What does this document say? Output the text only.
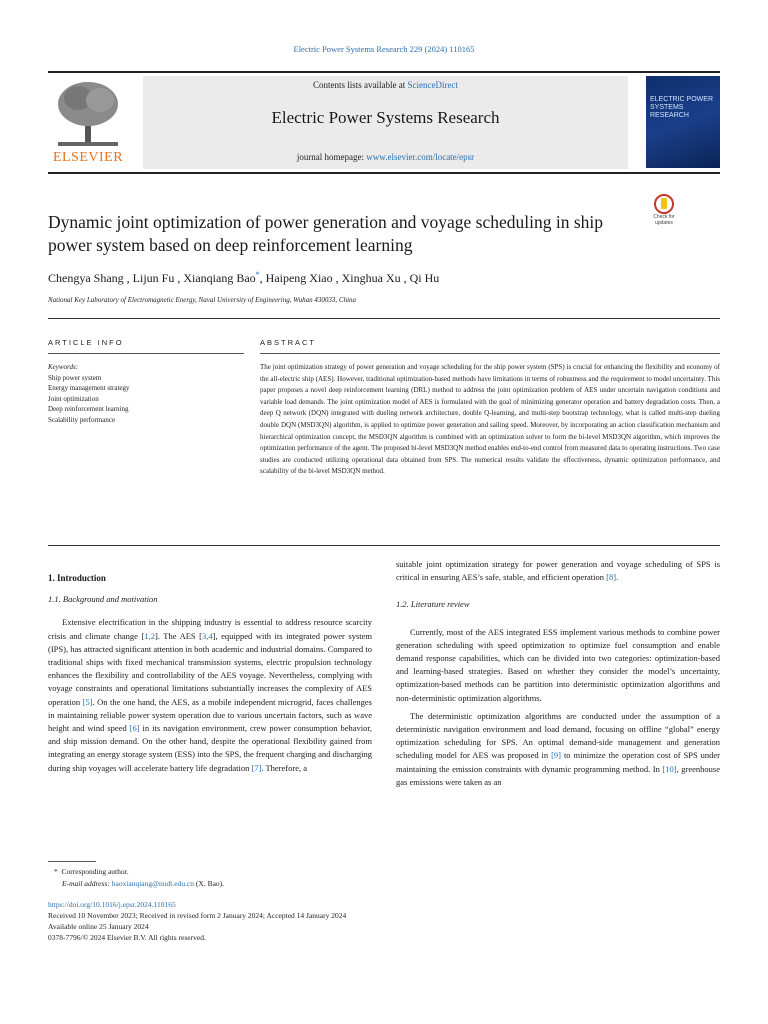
Electric Power Systems Research 229 (2024) 110165
ELSEVIER
Contents lists available at ScienceDirect
Electric Power Systems Research
journal homepage: www.elsevier.com/locate/epsr
ELECTRIC POWER SYSTEMS RESEARCH
Check for updates
Dynamic joint optimization of power generation and voyage scheduling in ship power system based on deep reinforcement learning
Chengya Shang , Lijun Fu , Xianqiang Bao*, Haipeng Xiao , Xinghua Xu , Qi Hu
National Key Laboratory of Electromagnetic Energy, Naval University of Engineering, Wuhan 430033, China
ARTICLE INFO	ABSTRACT
Keywords:
Ship power system
Energy management strategy
Joint optimization
Deep reinforcement learning
Scalability performance
The joint optimization strategy of power generation and voyage scheduling for the ship power system (SPS) is crucial for enhancing the flexibility and economy of the all-electric ship (AES). However, traditional optimization-based methods have limitations in terms of robustness and the requirement to model uncertainty. This paper proposes a novel deep reinforcement learning (DRL) method to address the joint optimization problem of AES under uncertain navigation conditions and variable load demands. The joint optimization model of AES is formulated with the goal of minimizing generator operation and battery degradation costs. Then, a deep Q network (DQN) integrated with dueling network architecture, double Q-learning, and multi-step bootstrap technology, what is called multi-step dueling double DQN (MSD3QN) algorithm, is applied to optimize power generation and sailing speed. Moreover, by incorporating an action classification mechanism and hierarchical optimization concept, the MSD3QN algorithm is combined with an optimization solver to form the bi-level MSD3QN algorithm, which improves the optimization performance of the agent. The proposed bi-level MSD3QN method enables end-to-end control from measured data to operating instructions. Two case studies are conducted utilizing operational data obtained from SPS. The numerical results validate the effectiveness, dynamic optimization performance, and scalability of the bi-level MSD3QN method.
1. Introduction
1.1. Background and motivation

Extensive electrification in the shipping industry is essential to address resource scarcity crisis and climate change [1,2]. The AES [3,4], equipped with its integrated power system (IPS), has attracted significant attention in both academic and industrial domains. Compared to traditional ships with fixed mechanical transmission systems, electric propulsion technology enhances the flexibility and controllability of the AES voyage. Nevertheless, complying with voyage constraints and operational limitations substantially increases the complexity of AES operation [5]. On the one hand, the AES, as a mobile independent microgrid, faces challenges in maintaining reliable power system operation due to various uncertain factors, such as wave height and wind speed [6] in its navigation environment, crew power consumption behavior, and ship mission demand. On the other hand, despite the operational flexibility gained from integrating an energy storage system (ESS) into the SPS, the frequent charging and discharging during ship voyages will accelerate battery life degradation [7]. Therefore, a

suitable joint optimization strategy for power generation and voyage scheduling of SPS is critical in ensuring AES’s safe, stable, and efficient operation [8].

1.2. Literature review

Currently, most of the AES integrated ESS implement various methods to combine power generation scheduling with speed optimization to optimize fuel consumption and enable demand response capabilities, which can be divided into two categories: optimization-based and learning-based strategies. Based on whether they consider the model’s uncertainty, optimization-based methods can be partition into deterministic optimization algorithms and non-deterministic optimization algorithms.

The deterministic optimization algorithms are conducted under the assumption of a deterministic navigation environment and load demand, focusing on offline “global” energy optimization scheduling for SPS. An optimal demand-side management and generation scheduling model for AES was proposed in [9] to minimize the operation cost of SPS under maintaining the emission constraints with dynamic programming method. In [10], greenhouse gas emissions were taken as an

* Corresponding author.
E-mail address: baoxianqiang@nudt.edu.cn (X. Bao).
https://doi.org/10.1016/j.epsr.2024.110165
Received 10 November 2023; Received in revised form 2 January 2024; Accepted 14 January 2024
Available online 25 January 2024
0378-7796/© 2024 Elsevier B.V. All rights reserved.
